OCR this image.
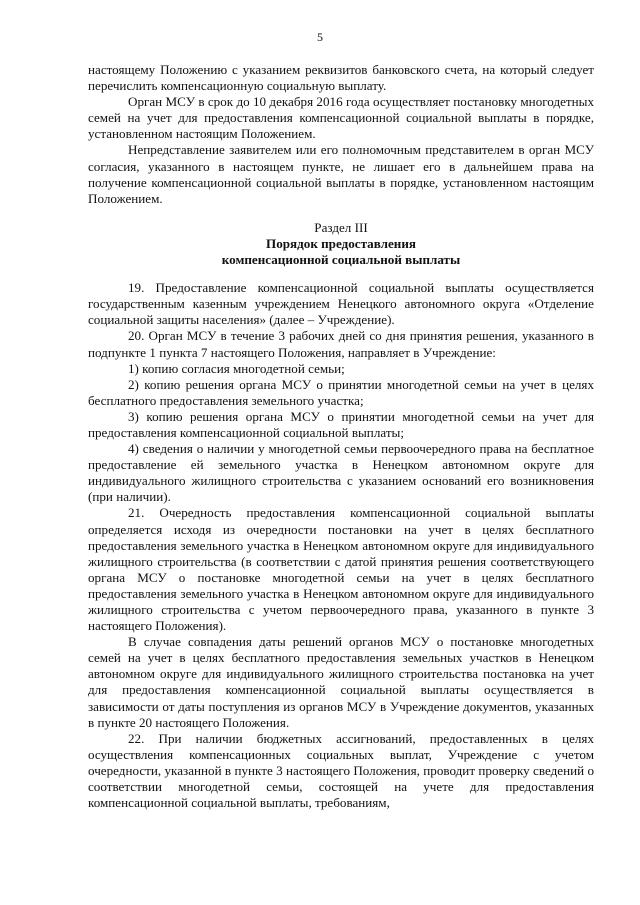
5

настоящему Положению с указанием реквизитов банковского счета, на который следует перечислить компенсационную социальную выплату.

Орган МСУ в срок до 10 декабря 2016 года осуществляет постановку многодетных семей на учет для предоставления компенсационной социальной выплаты в порядке, установленном настоящим Положением.

Непредставление заявителем или его полномочным представителем в орган МСУ согласия, указанного в настоящем пункте, не лишает его в дальнейшем права на получение компенсационной социальной выплаты в порядке, установленном настоящим Положением.

Раздел III
Порядок предоставления
компенсационной социальной выплаты

19. Предоставление компенсационной социальной выплаты осуществляется государственным казенным учреждением Ненецкого автономного округа «Отделение социальной защиты населения» (далее – Учреждение).

20. Орган МСУ в течение 3 рабочих дней со дня принятия решения, указанного в подпункте 1 пункта 7 настоящего Положения, направляет в Учреждение:

1) копию согласия многодетной семьи;

2) копию решения органа МСУ о принятии многодетной семьи на учет в целях бесплатного предоставления земельного участка;

3) копию решения органа МСУ о принятии многодетной семьи на учет для предоставления компенсационной социальной выплаты;

4) сведения о наличии у многодетной семьи первоочередного права на бесплатное предоставление ей земельного участка в Ненецком автономном округе для индивидуального жилищного строительства с указанием оснований его возникновения (при наличии).

21. Очередность предоставления компенсационной социальной выплаты определяется исходя из очередности постановки на учет в целях бесплатного предоставления земельного участка в Ненецком автономном округе для индивидуального жилищного строительства (в соответствии с датой принятия решения соответствующего органа МСУ о постановке многодетной семьи на учет в целях бесплатного предоставления земельного участка в Ненецком автономном округе для индивидуального жилищного строительства с учетом первоочередного права, указанного в пункте 3 настоящего Положения).

В случае совпадения даты решений органов МСУ о постановке многодетных семей на учет в целях бесплатного предоставления земельных участков в Ненецком автономном округе для индивидуального жилищного строительства постановка на учет для предоставления компенсационной социальной выплаты осуществляется в зависимости от даты поступления из органов МСУ в Учреждение документов, указанных в пункте 20 настоящего Положения.

22. При наличии бюджетных ассигнований, предоставленных в целях осуществления компенсационных социальных выплат, Учреждение с учетом очередности, указанной в пункте 3 настоящего Положения, проводит проверку сведений о соответствии многодетной семьи, состоящей на учете для предоставления компенсационной социальной выплаты, требованиям,
